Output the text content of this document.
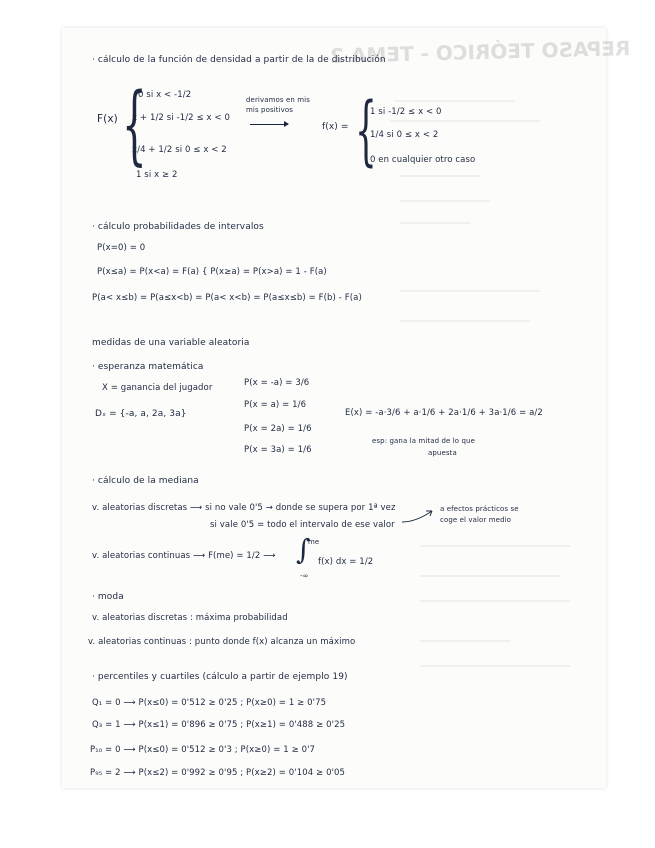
REPASO TEÓRICO - TEMA 2
· cálculo de la función de densidad a partir de la de distribución
F(x) {
0 si x < -1/2
x + 1/2 si -1/2 ≤ x < 0
x/4 + 1/2 si 0 ≤ x < 2
1 si x ≥ 2
derivamos en mis
mis positivos
f(x) = {
1 si -1/2 ≤ x < 0
1/4 si 0 ≤ x < 2
0 en cualquier otro caso
· cálculo probabilidades de intervalos
P(x=0) = 0
P(x≤a) = P(x<a) = F(a) { P(x≥a) = P(x>a) = 1 - F(a)
P(a< x≤b) = P(a≤x<b) = P(a< x<b) = P(a≤x≤b) = F(b) - F(a)
medidas de una variable aleatoria
· esperanza matemática
X = ganancia del jugador
Dₓ = {-a, a, 2a, 3a}
P(x = -a) = 3/6
P(x = a) = 1/6
P(x = 2a) = 1/6
P(x = 3a) = 1/6
E(x) = -a·3/6 + a·1/6 + 2a·1/6 + 3a·1/6 = a/2
esp: gana la mitad de lo que
apuesta
· cálculo de la mediana
v. aleatorias discretas ⟶ si no vale 0'5 → donde se supera por 1ª vez
si vale 0'5 = todo el intervalo de ese valor
a efectos prácticos se
coge el valor medio
v. aleatorias continuas ⟶ F(me) = 1/2 ⟶ ∫
me
-∞
f(x) dx = 1/2
· moda
v. aleatorias discretas : máxima probabilidad
v. aleatorias continuas : punto donde f(x) alcanza un máximo
· percentiles y cuartiles (cálculo a partir de ejemplo 19)
Q₁ = 0 ⟶ P(x≤0) = 0'512 ≥ 0'25 ; P(x≥0) = 1 ≥ 0'75
Q₃ = 1 ⟶ P(x≤1) = 0'896 ≥ 0'75 ; P(x≥1) = 0'488 ≥ 0'25
P₁₀ = 0 ⟶ P(x≤0) = 0'512 ≥ 0'3 ; P(x≥0) = 1 ≥ 0'7
P₉₅ = 2 ⟶ P(x≤2) = 0'992 ≥ 0'95 ; P(x≥2) = 0'104 ≥ 0'05
